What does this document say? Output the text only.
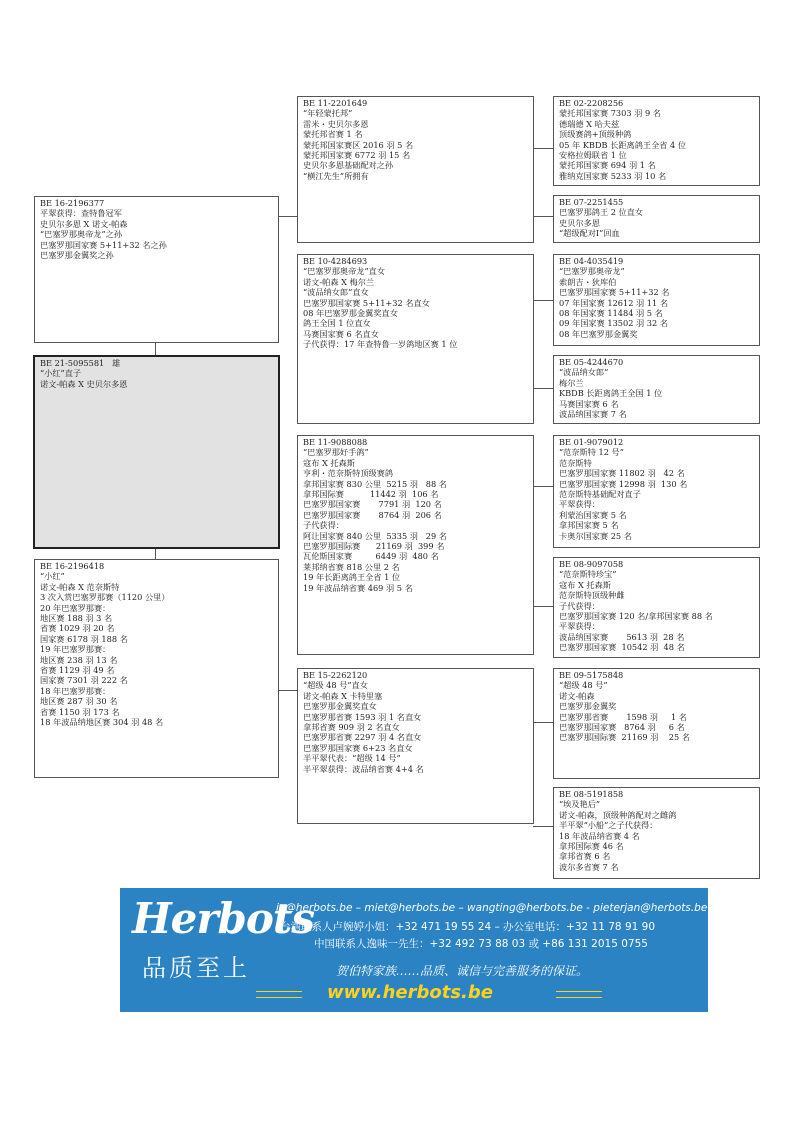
BE 16-2196377
平翠获得：查特鲁冠军
史贝尔多恩 X 诺文-帕森
“巴塞罗那奥帝龙”之孙
巴塞罗那国家赛 5+11+32 名之孙
巴塞罗那金翼奖之孙
BE 21-5095581   雄
“小红”直子
诺文-帕森 X 史贝尔多恩
BE 16-2196418
“小红”
诺文-帕森 X 范奈斯特
3 次入赏巴塞罗那赛（1120 公里）
20 年巴塞罗那赛：
地区赛 188 羽 3 名
省赛 1029 羽 20 名
国家赛 6178 羽 188 名
19 年巴塞罗那赛：
地区赛 238 羽 13 名
省赛 1129 羽 49 名
国家赛 7301 羽 222 名
18 年巴塞罗那赛：
地区赛 287 羽 30 名
省赛 1150 羽 173 名
18 年波品纳地区赛 304 羽 48 名
BE 11-2201649
“年轻蒙托邦”
雷米・史贝尔多恩
蒙托邦省赛 1 名
蒙托邦国家赛区 2016 羽 5 名
蒙托邦国家赛 6772 羽 15 名
史贝尔多恩基础配对之孙
“横江先生”所拥有
BE 10-4284693
“巴塞罗那奥帝龙”直女
诺文-帕森 X 梅尔兰
“波品纳女郎”直女
巴塞罗那国家赛 5+11+32 名直女
08 年巴塞罗那金翼奖直女
鸽王全国 1 位直女
马赛国家赛 6 名直女
子代获得：17 年查特鲁一岁鸽地区赛 1 位
BE 11-9088088
“巴塞罗那好手鸽”
寇布 X 托森斯
亨利・范奈斯特顶级赛鸽
拿邦国家赛 830 公里  5215 羽   88 名
拿邦国际赛          11442 羽  106 名
巴塞罗那国家赛       7791 羽  120 名
巴塞罗那国家赛       8764 羽  206 名
子代获得：
阿让国家赛 840 公里  5335 羽   29 名
巴塞罗那国际赛      21169 羽  399 名
瓦伦斯国家赛         6449 羽  480 名
莱邦纳省赛 818 公里 2 名
19 年长距离鸽王全省 1 位
19 年波品纳省赛 469 羽 5 名
BE 15-2262120
“超级 48 号”直女
诺文-帕森 X 卡特里塞
巴塞罗那金翼奖直女
巴塞罗那省赛 1593 羽 1 名直女
拿邦省赛 909 羽 2 名直女
巴塞罗那省赛 2297 羽 4 名直女
巴塞罗那国家赛 6+23 名直女
半平翠代表：“超级 14 号”
半平翠获得：波品纳省赛 4+4 名
BE 02-2208256
蒙托邦国家赛 7303 羽 9 名
德瑞德 X 哈夫兹
顶级赛鸽+顶级种鸽
05 年 KBDB 长距离鸽王全省 4 位
安格拉姆联省 1 位
蒙托邦国家赛 694 羽 1 名
雅纳克国家赛 5233 羽 10 名
BE 07-2251455
巴塞罗那鸽王 2 位直女
史贝尔多恩
“超级配对Ⅰ”回血
BE 04-4035419
“巴塞罗那奥帝龙”
索朗吉・狄库伯
巴塞罗那国家赛 5+11+32 名
07 年国家赛 12612 羽 11 名
08 年国家赛 11484 羽 5 名
09 年国家赛 13502 羽 32 名
08 年巴塞罗那金翼奖
BE 05-4244670
“波品纳女郎”
梅尔兰
KBDB 长距离鸽王全国 1 位
马赛国家赛 6 名
波品纳国家赛 7 名
BE 01-9079012
“范奈斯特 12 号”
范奈斯特
巴塞罗那国家赛 11802 羽   42 名
巴塞罗那国家赛 12998 羽  130 名
范奈斯特基础配对直子
平翠获得：
利蒙治国家赛 5 名
拿邦国家赛 5 名
卡奥尔国家赛 25 名
BE 08-9097058
“范奈斯特珍宝”
寇布 X 托森斯
范奈斯特顶级种雌
子代获得：
巴塞罗那国家赛 120 名/拿邦国家赛 88 名
平翠获得：
波品纳国家赛       5613 羽  28 名
巴塞罗那国家赛  10542 羽  48 名
BE 09-5175848
“超级 48 号”
诺文-帕森
巴塞罗那金翼奖
巴塞罗那省赛       1598 羽     1 名
巴塞罗那国家赛   8764 羽     6 名
巴塞罗那国际赛  21169 羽    25 名
BE 08-5191858
“埃及艳后”
诺文-帕森，顶级种鸽配对之雌鸽
半平翠“小船”之子代获得：
18 年波品纳省赛 4 名
拿邦国际赛 46 名
拿邦省赛 6 名
波尔多省赛 7 名
Herbots
品质至上
jo@herbots.be – miet@herbots.be – wangting@herbots.be - pieterjan@herbots.be
台湾联系人卢婉婷小姐：+32 471 19 55 24 – 办公室电话：+32 11 78 91 90
中国联系人逸味一先生：+32 492 73 88 03 或 +86 131 2015 0755
贺伯特家族……品质、诚信与完善服务的保证。
www.herbots.be
